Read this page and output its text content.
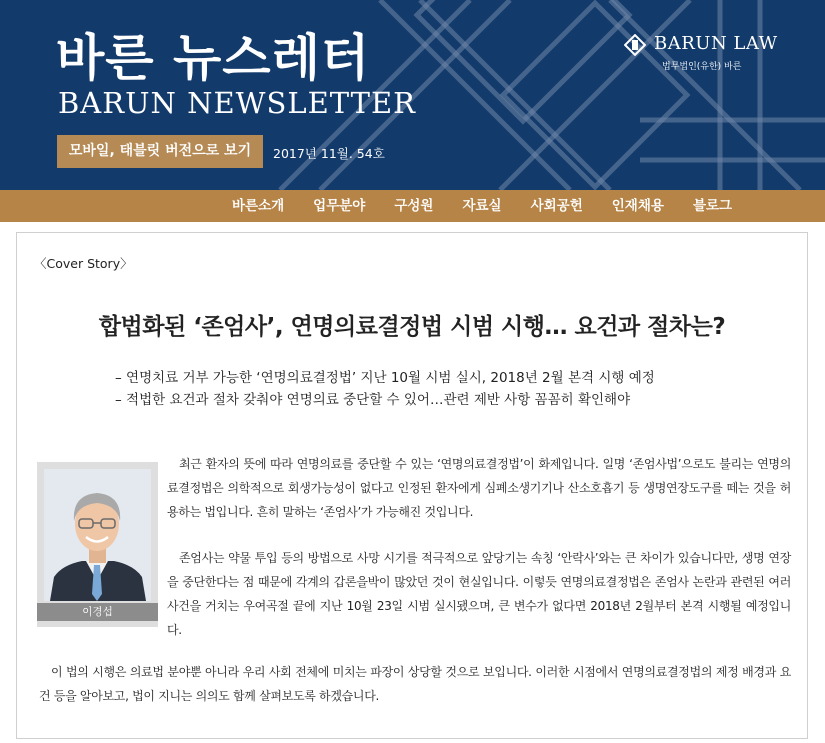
바른 뉴스레터
BARUN NEWSLETTER
모바일, 태블릿 버전으로 보기	2017년 11월. 54호
BARUN LAW
법무법인(유한) 바른
바른소개 업무분야 구성원 자료실 사회공헌 인재채용 블로그
〈Cover Story〉
합법화된 ‘존엄사’, 연명의료결정법 시범 시행… 요건과 절차는?
– 연명치료 거부 가능한 ‘연명의료결정법’ 지난 10월 시범 실시, 2018년 2월 본격 시행 예정
– 적법한 요건과 절차 갖춰야 연명의료 중단할 수 있어…관련 제반 사항 꼼꼼히 확인해야
이경섭
최근 환자의 뜻에 따라 연명의료를 중단할 수 있는 ‘연명의료결정법’이 화제입니다. 일명 ‘존엄사법’으로도 불리는 연명의료결정법은 의학적으로 회생가능성이 없다고 인정된 환자에게 심폐소생기기나 산소호흡기 등 생명연장도구를 떼는 것을 허용하는 법입니다. 흔히 말하는 ‘존엄사’가 가능해진 것입니다.
존엄사는 약물 투입 등의 방법으로 사망 시기를 적극적으로 앞당기는 속칭 ‘안락사’와는 큰 차이가 있습니다만, 생명 연장을 중단한다는 점 때문에 각계의 갑론을박이 많았던 것이 현실입니다. 이렇듯 연명의료결정법은 존엄사 논란과 관련된 여러 사건을 거치는 우여곡절 끝에 지난 10월 23일 시범 실시됐으며, 큰 변수가 없다면 2018년 2월부터 본격 시행될 예정입니다.
이 법의 시행은 의료법 분야뿐 아니라 우리 사회 전체에 미치는 파장이 상당할 것으로 보입니다. 이러한 시점에서 연명의료결정법의 제정 배경과 요건 등을 알아보고, 법이 지니는 의의도 함께 살펴보도록 하겠습니다.
